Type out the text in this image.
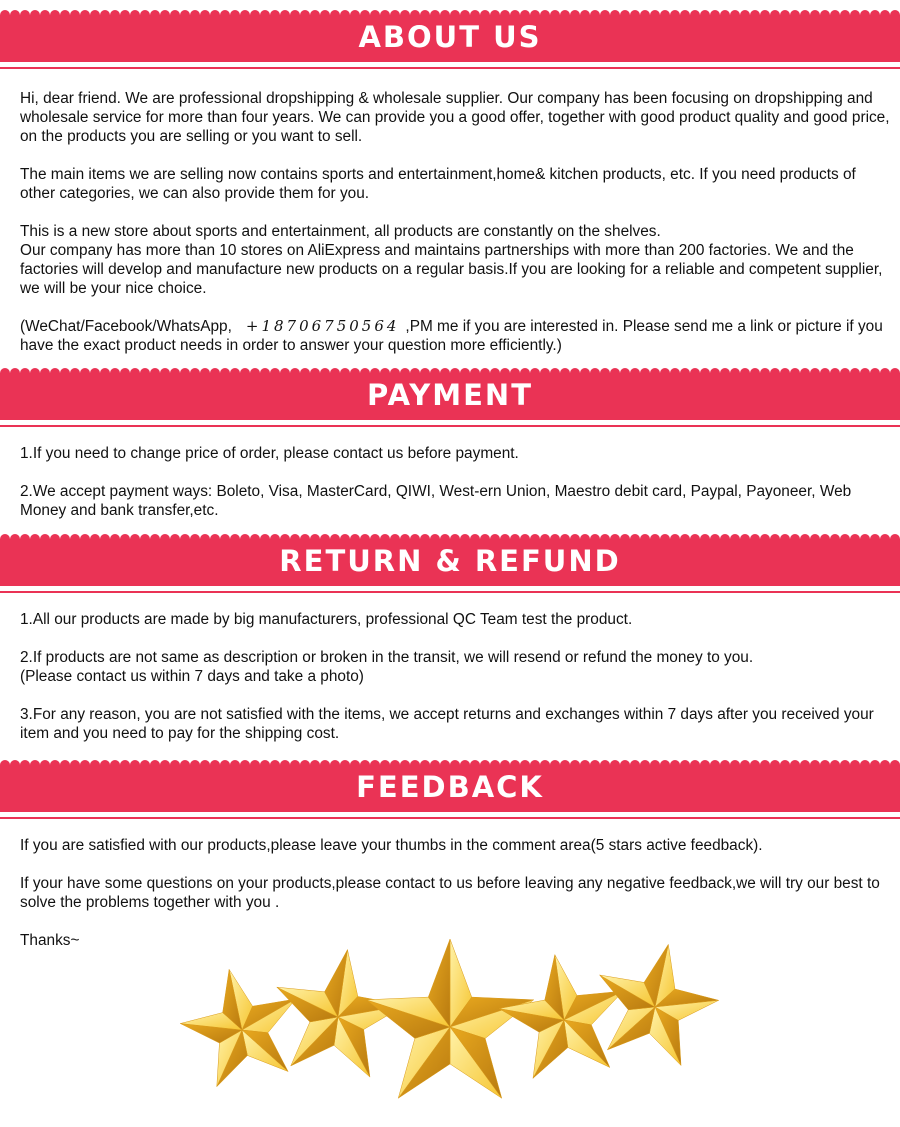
ABOUT US

Hi, dear friend. We are professional dropshipping & wholesale supplier. Our company has been focusing on dropshipping and wholesale service for more than four years. We can provide you a good offer, together with good product quality and good price, on the products you are selling or you want to sell.

The main items we are selling now contains sports and entertainment,home& kitchen products, etc. If you need products of other categories, we can also provide them for you.

This is a new store about sports and entertainment, all products are constantly on the shelves.
Our company has more than 10 stores on AliExpress and maintains partnerships with more than 200 factories. We and the factories will develop and manufacture new products on a regular basis.If you are looking for a reliable and competent supplier, we will be your nice choice.

(WeChat/Facebook/WhatsApp, +18706750564 ,PM me if you are interested in. Please send me a link or picture if you have the exact product needs in order to answer your question more efficiently.)

PAYMENT

1.If you need to change price of order, please contact us before payment.

2.We accept payment ways: Boleto, Visa, MasterCard, QIWI, West-ern Union, Maestro debit card, Paypal, Payoneer, Web Money and bank transfer,etc.

RETURN & REFUND

1.All our products are made by big manufacturers, professional QC Team test the product.

2.If products are not same as description or broken in the transit, we will resend or refund the money to you.
(Please contact us within 7 days and take a photo)

3.For any reason, you are not satisfied with the items, we accept returns and exchanges within 7 days after you received your item and you need to pay for the shipping cost.

FEEDBACK

If you are satisfied with our products,please leave your thumbs in the comment area(5 stars active feedback).

If your have some questions on your products,please contact to us before leaving any negative feedback,we will try our best to solve the problems together with you .

Thanks~
